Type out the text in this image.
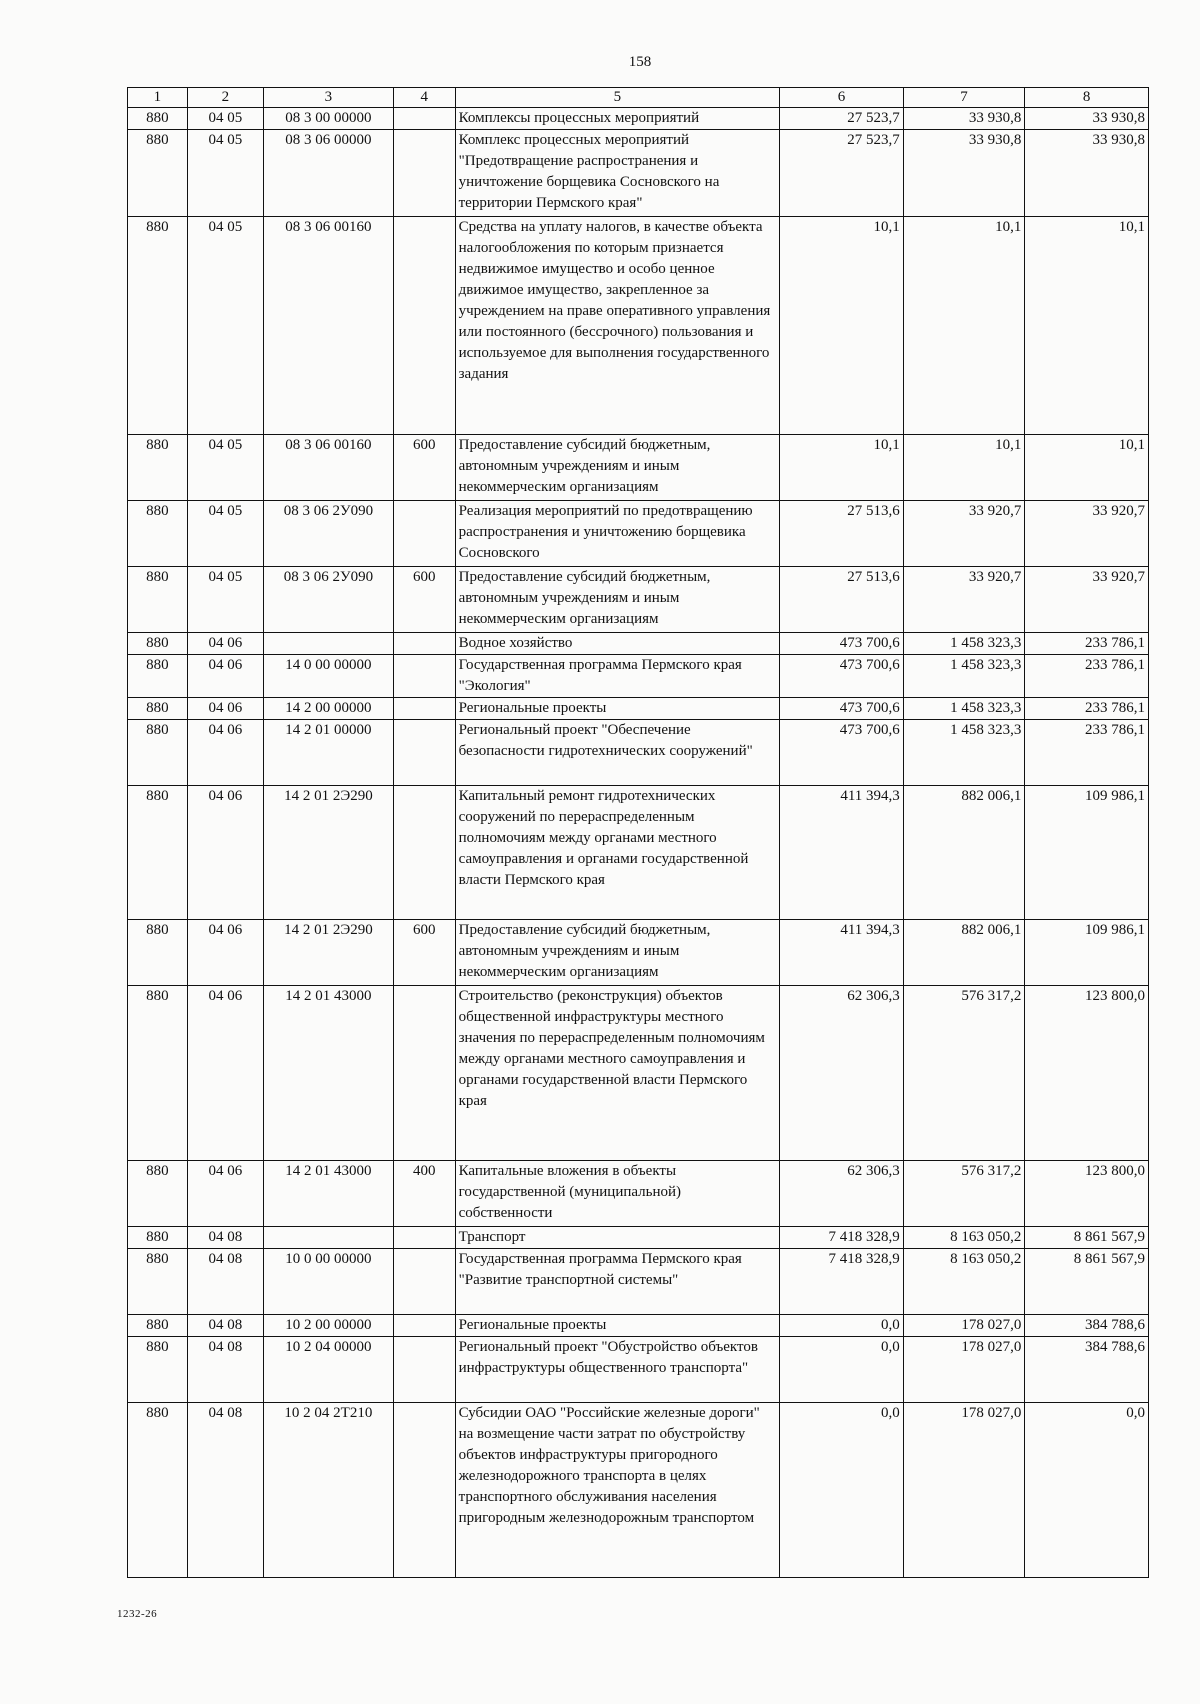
158
1	2	3	4	5	6	7	8
880	04 05	08 3 00 00000		Комплексы процессных мероприятий	27 523,7	33 930,8	33 930,8
880	04 05	08 3 06 00000		Комплекс процессных мероприятий "Предотвращение распространения и уничтожение борщевика Сосновского на территории Пермского края"	27 523,7	33 930,8	33 930,8
880	04 05	08 3 06 00160		Средства на уплату налогов, в качестве объекта налогообложения по которым признается недвижимое имущество и особо ценное движимое имущество, закрепленное за учреждением на праве оперативного управления или постоянного (бессрочного) пользования и используемое для выполнения государственного задания	10,1	10,1	10,1
880	04 05	08 3 06 00160	600	Предоставление субсидий бюджетным, автономным учреждениям и иным некоммерческим организациям	10,1	10,1	10,1
880	04 05	08 3 06 2У090		Реализация мероприятий по предотвращению распространения и уничтожению борщевика Сосновского	27 513,6	33 920,7	33 920,7
880	04 05	08 3 06 2У090	600	Предоставление субсидий бюджетным, автономным учреждениям и иным некоммерческим организациям	27 513,6	33 920,7	33 920,7
880	04 06			Водное хозяйство	473 700,6	1 458 323,3	233 786,1
880	04 06	14 0 00 00000		Государственная программа Пермского края "Экология"	473 700,6	1 458 323,3	233 786,1
880	04 06	14 2 00 00000		Региональные проекты	473 700,6	1 458 323,3	233 786,1
880	04 06	14 2 01 00000		Региональный проект "Обеспечение безопасности гидротехнических сооружений"	473 700,6	1 458 323,3	233 786,1
880	04 06	14 2 01 2Э290		Капитальный ремонт гидротехнических сооружений по перераспределенным полномочиям между органами местного самоуправления и органами государственной власти Пермского края	411 394,3	882 006,1	109 986,1
880	04 06	14 2 01 2Э290	600	Предоставление субсидий бюджетным, автономным учреждениям и иным некоммерческим организациям	411 394,3	882 006,1	109 986,1
880	04 06	14 2 01 43000		Строительство (реконструкция) объектов общественной инфраструктуры местного значения по перераспределенным полномочиям между органами местного самоуправления и органами государственной власти Пермского края	62 306,3	576 317,2	123 800,0
880	04 06	14 2 01 43000	400	Капитальные вложения в объекты государственной (муниципальной) собственности	62 306,3	576 317,2	123 800,0
880	04 08			Транспорт	7 418 328,9	8 163 050,2	8 861 567,9
880	04 08	10 0 00 00000		Государственная программа Пермского края "Развитие транспортной системы"	7 418 328,9	8 163 050,2	8 861 567,9
880	04 08	10 2 00 00000		Региональные проекты	0,0	178 027,0	384 788,6
880	04 08	10 2 04 00000		Региональный проект "Обустройство объектов инфраструктуры общественного транспорта"	0,0	178 027,0	384 788,6
880	04 08	10 2 04 2Т210		Субсидии ОАО "Российские железные дороги" на возмещение части затрат по обустройству объектов инфраструктуры пригородного железнодорожного транспорта в целях транспортного обслуживания населения пригородным железнодорожным транспортом	0,0	178 027,0	0,0
1232-26
